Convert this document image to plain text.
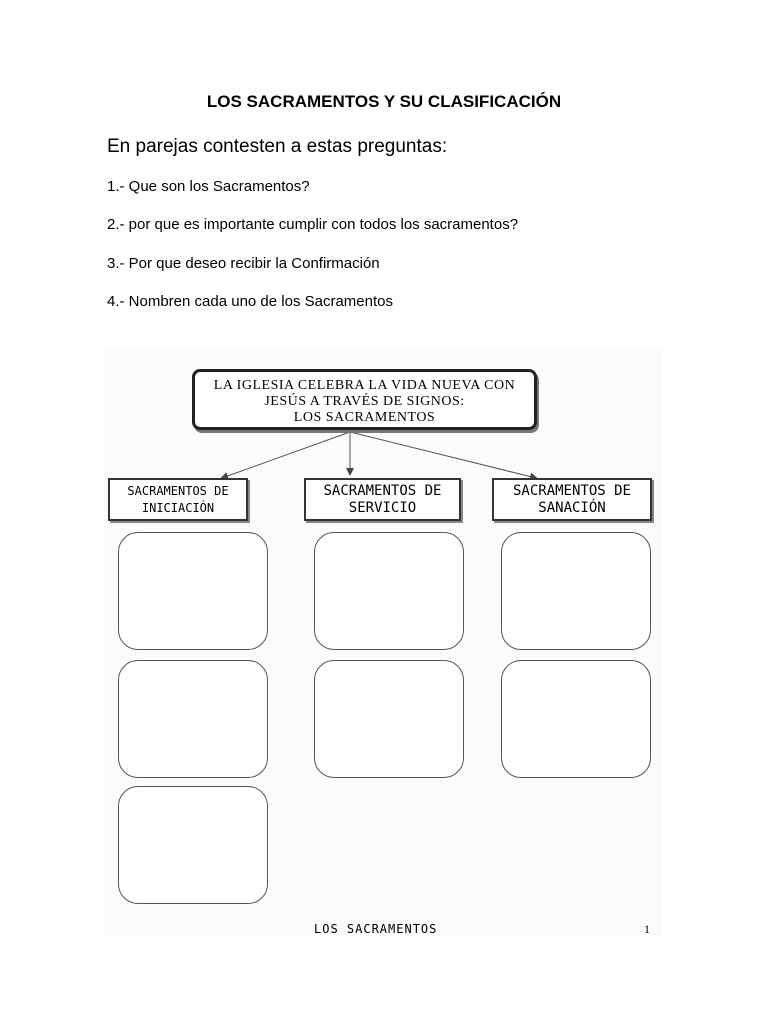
LOS SACRAMENTOS Y SU CLASIFICACIÓN
En parejas contesten a estas preguntas:
1.- Que son los Sacramentos?
2.- por que es importante cumplir con todos los sacramentos?
3.- Por que deseo recibir la Confirmación
4.- Nombren cada uno de los Sacramentos
LA IGLESIA CELEBRA LA VIDA NUEVA CON
JESÚS A TRAVÉS DE SIGNOS:
LOS SACRAMENTOS
SACRAMENTOS DE
INICIACIÓN
SACRAMENTOS DE
SERVICIO
SACRAMENTOS DE
SANACIÓN
LOS SACRAMENTOS	1
